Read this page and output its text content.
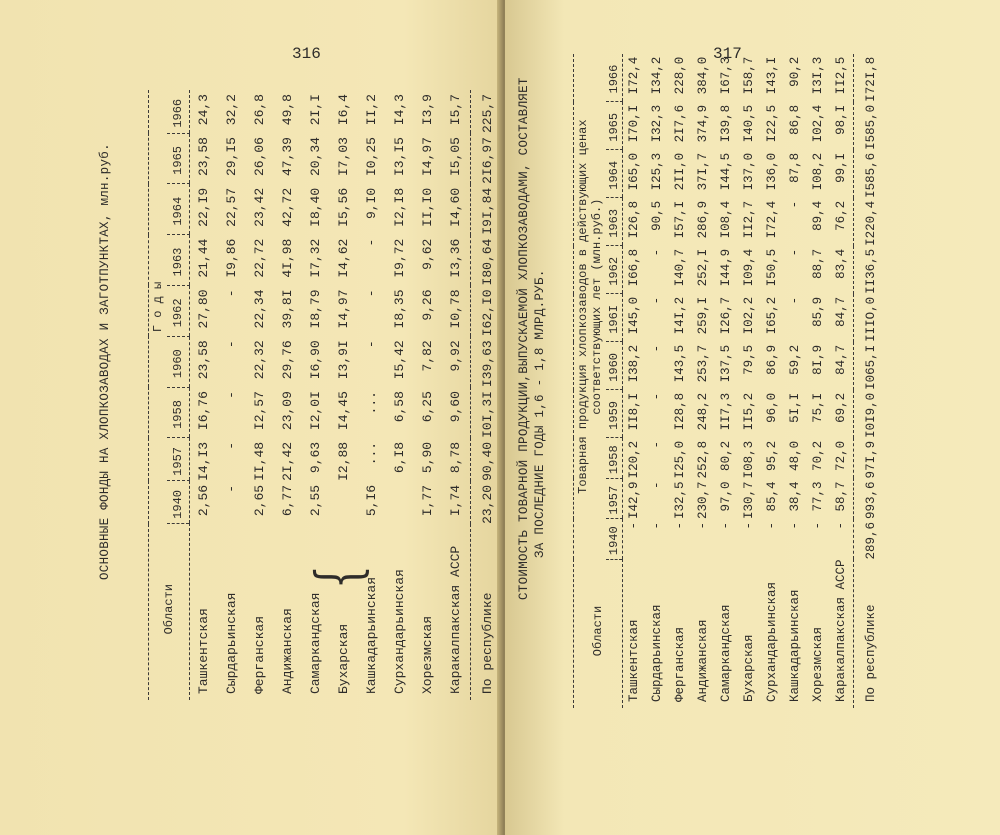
316
ОСНОВНЫЕ ФОНДЫ НА ХЛОПКОЗАВОДАХ И ЗАГОТПУНКТАХ, млн.руб.	{
Области	Г о д ы								
	1940	1957	1958	1960	1962	1963	1964	1965	1966
Ташкентская	2,56	I4,I3	I6,76	23,58	27,80	21,44	22,I9	23,58	24,3
Сырдарьинская	-	-	-	-	-	I9,86	22,57	29,I5	32,2
Ферганская	2,65	II,48	I2,57	22,32	22,34	22,72	23,42	26,06	26,8
Андижанская	6,77	2I,42	23,09	29,76	39,8I	4I,98	42,72	47,39	49,8
Самаркандская	2,55	9,63	I2,0I	I6,90	I8,79	I7,32	I8,40	20,34	2I,I
Бухарская		I2,88	I4,45	I3,9I	I4,97	I4,62	I5,56	I7,03	I6,4
Кашкадарьинская	5,I6	...	...	-	-	-	9,I0	I0,25	II,2
Сурхандарьинская		6,I8	6,58	I5,42	I8,35	I9,72	I2,I8	I3,I5	I4,3
Хорезмская	I,77	5,90	6,25	7,82	9,26	9,62	II,I0	I4,97	I3,9
Каракалпакская АССР	I,74	8,78	9,60	9,92	I0,78	I3,36	I4,60	I5,05	I5,7
По республике	23,20	90,40	I0I,3I	I39,63	I62,I0	I80,64	I9I,84	2I6,97	225,7
317
СТОИМОСТЬ ТОВАРНОЙ ПРОДУКЦИИ,ВЫПУСКАЕМОЙ ХЛОПКОЗАВОДАМИ, СОСТАВЛЯЕТ ЗА ПОСЛЕДНИЕ ГОДЫ 1,6 - 1,8 МЛРД.РУБ.
Области	Товарная продукция хлопкозаводов в действующих ценах соответствующих лет (млн.руб.)										

	1940	1957	1958	1959	1960	196I	1962	1963	1964	1965	1966
Ташкентская	-	I42,9	I20,2	II8,I	I38,2	I45,0	I66,8	I26,8	I65,0	I70,I	I72,4
Сырдарьинская	-	-	-	-	-	-	-	90,5	I25,3	I32,3	I34,2
Ферганская	-	I32,5	I25,0	I28,8	I43,5	I4I,2	I40,7	I57,I	2II,0	2I7,6	228,0
Андижанская	-	230,7	252,8	248,2	253,7	259,I	252,I	286,9	37I,7	374,9	384,0
Самаркандская	-	97,0	80,2	II7,3	I37,5	I26,7	I44,9	I08,4	I44,5	I39,8	I67,3
Бухарская	-	I30,7	I08,3	II5,2	79,5	I02,2	I09,4	II2,7	I37,0	I40,5	I58,7
Сурхандарьинская	-	85,4	95,2	96,0	86,9	I65,2	I50,5	I72,4	I36,0	I22,5	I43,I
Кашкадарьинская	-	38,4	48,0	5I,I	59,2	-	-	-	87,8	86,8	90,2
Хорезмская	-	77,3	70,2	75,I	8I,9	85,9	88,7	89,4	I08,2	I02,4	I3I,3
Каракалпакская АССР	-	58,7	72,0	69,2	84,7	84,7	83,4	76,2	99,I	98,I	II2,5
По республике	289,6	993,6	97I,9	I0I9,0	I065,I	IIIO,0	II36,5	I220,4	I585,6	I585,0	I72I,8
